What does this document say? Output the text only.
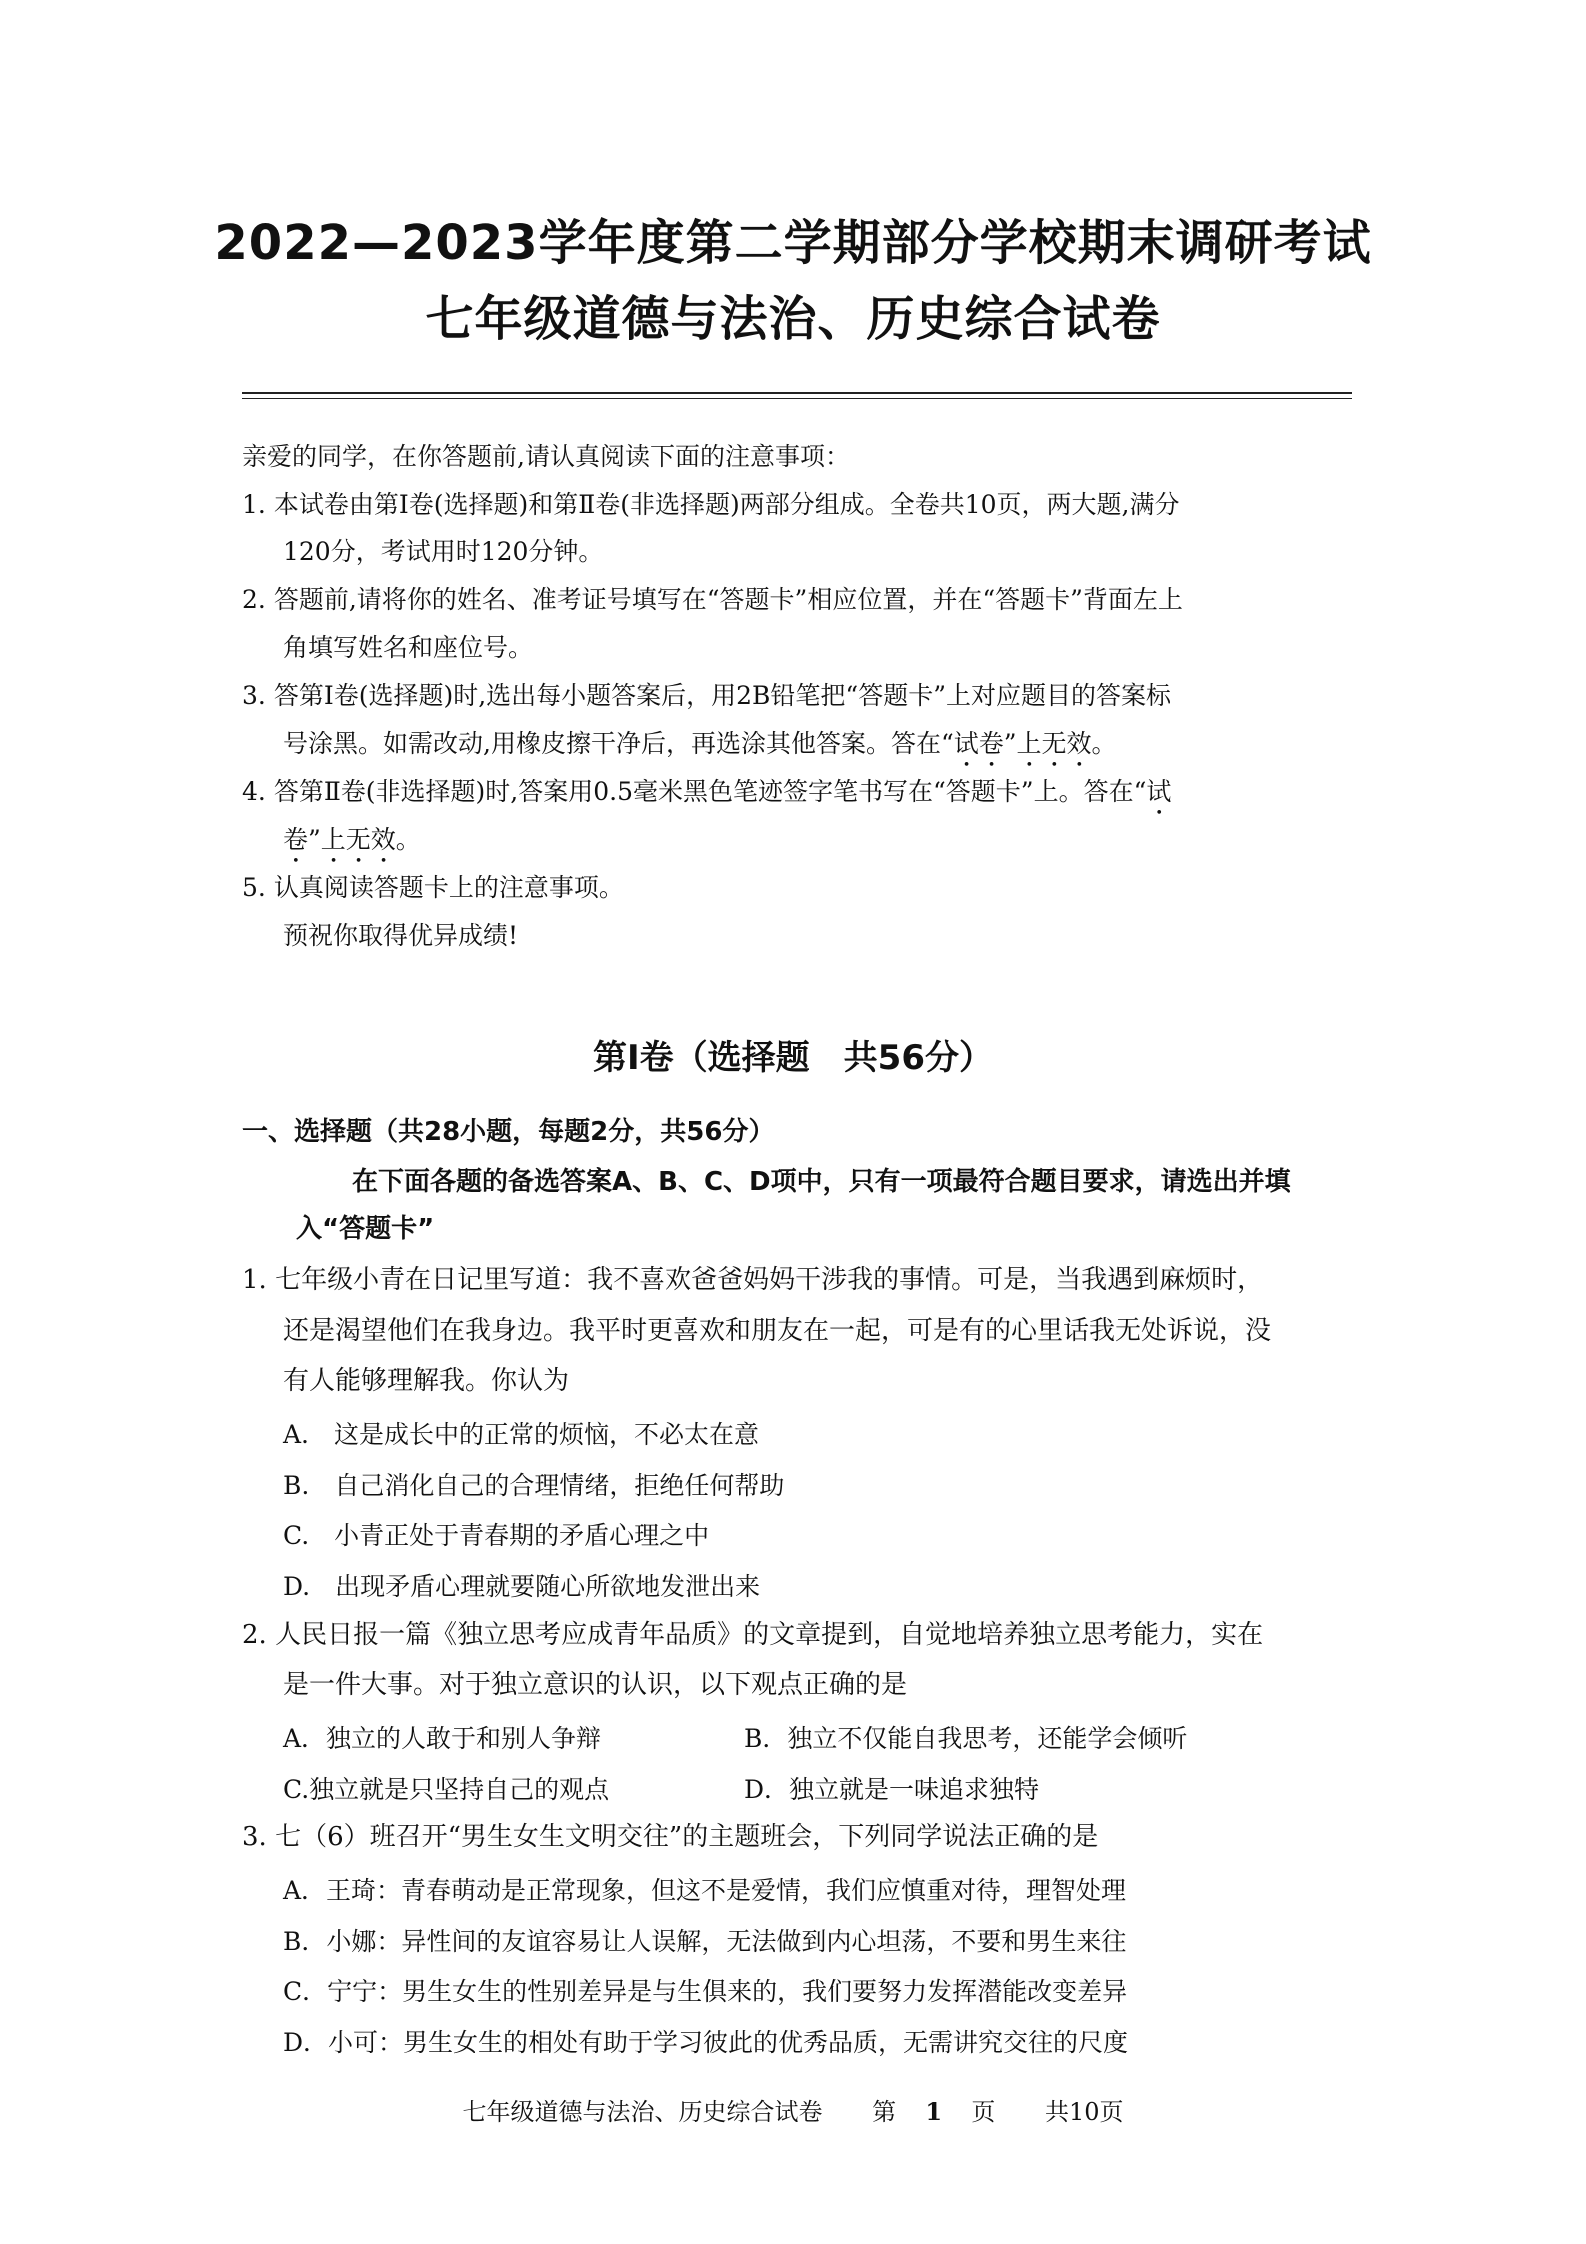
2022—2023学年度第二学期部分学校期末调研考试
七年级道德与法治、历史综合试卷
亲爱的同学，在你答题前,请认真阅读下面的注意事项：
1. 本试卷由第Ⅰ卷(选择题)和第Ⅱ卷(非选择题)两部分组成。全卷共10页，两大题,满分
120分，考试用时120分钟。
2. 答题前,请将你的姓名、准考证号填写在“答题卡”相应位置，并在“答题卡”背面左上
角填写姓名和座位号。
3. 答第Ⅰ卷(选择题)时,选出每小题答案后，用2B铅笔把“答题卡”上对应题目的答案标
号涂黑。如需改动,用橡皮擦干净后，再选涂其他答案。答在“试卷”上无效。
4. 答第Ⅱ卷(非选择题)时,答案用0.5毫米黑色笔迹签字笔书写在“答题卡”上。答在“试
卷”上无效。
5. 认真阅读答题卡上的注意事项。
预祝你取得优异成绩!
第Ⅰ卷（选择题　共56分）
一、选择题（共28小题，每题2分，共56分）
在下面各题的备选答案A、B、C、D项中，只有一项最符合题目要求，请选出并填
入“答题卡”
1. 七年级小青在日记里写道：我不喜欢爸爸妈妈干涉我的事情。可是，当我遇到麻烦时，
还是渴望他们在我身边。我平时更喜欢和朋友在一起，可是有的心里话我无处诉说，没
有人能够理解我。你认为
A.　这是成长中的正常的烦恼，不必太在意
B.　自己消化自己的合理情绪，拒绝任何帮助
C.　小青正处于青春期的矛盾心理之中
D.　出现矛盾心理就要随心所欲地发泄出来
2. 人民日报一篇《独立思考应成青年品质》的文章提到，自觉地培养独立思考能力，实在
是一件大事。对于独立意识的认识，以下观点正确的是
A．独立的人敢于和别人争辩	B．独立不仅能自我思考，还能学会倾听
C.独立就是只坚持自己的观点	D．独立就是一味追求独特
3. 七（6）班召开“男生女生文明交往”的主题班会，下列同学说法正确的是
A．王琦：青春萌动是正常现象，但这不是爱情，我们应慎重对待，理智处理
B．小娜：异性间的友谊容易让人误解，无法做到内心坦荡，不要和男生来往
C．宁宁：男生女生的性别差异是与生俱来的，我们要努力发挥潜能改变差异
D．小可：男生女生的相处有助于学习彼此的优秀品质，无需讲究交往的尺度
七年级道德与法治、历史综合试卷 第 1 页 共10页
